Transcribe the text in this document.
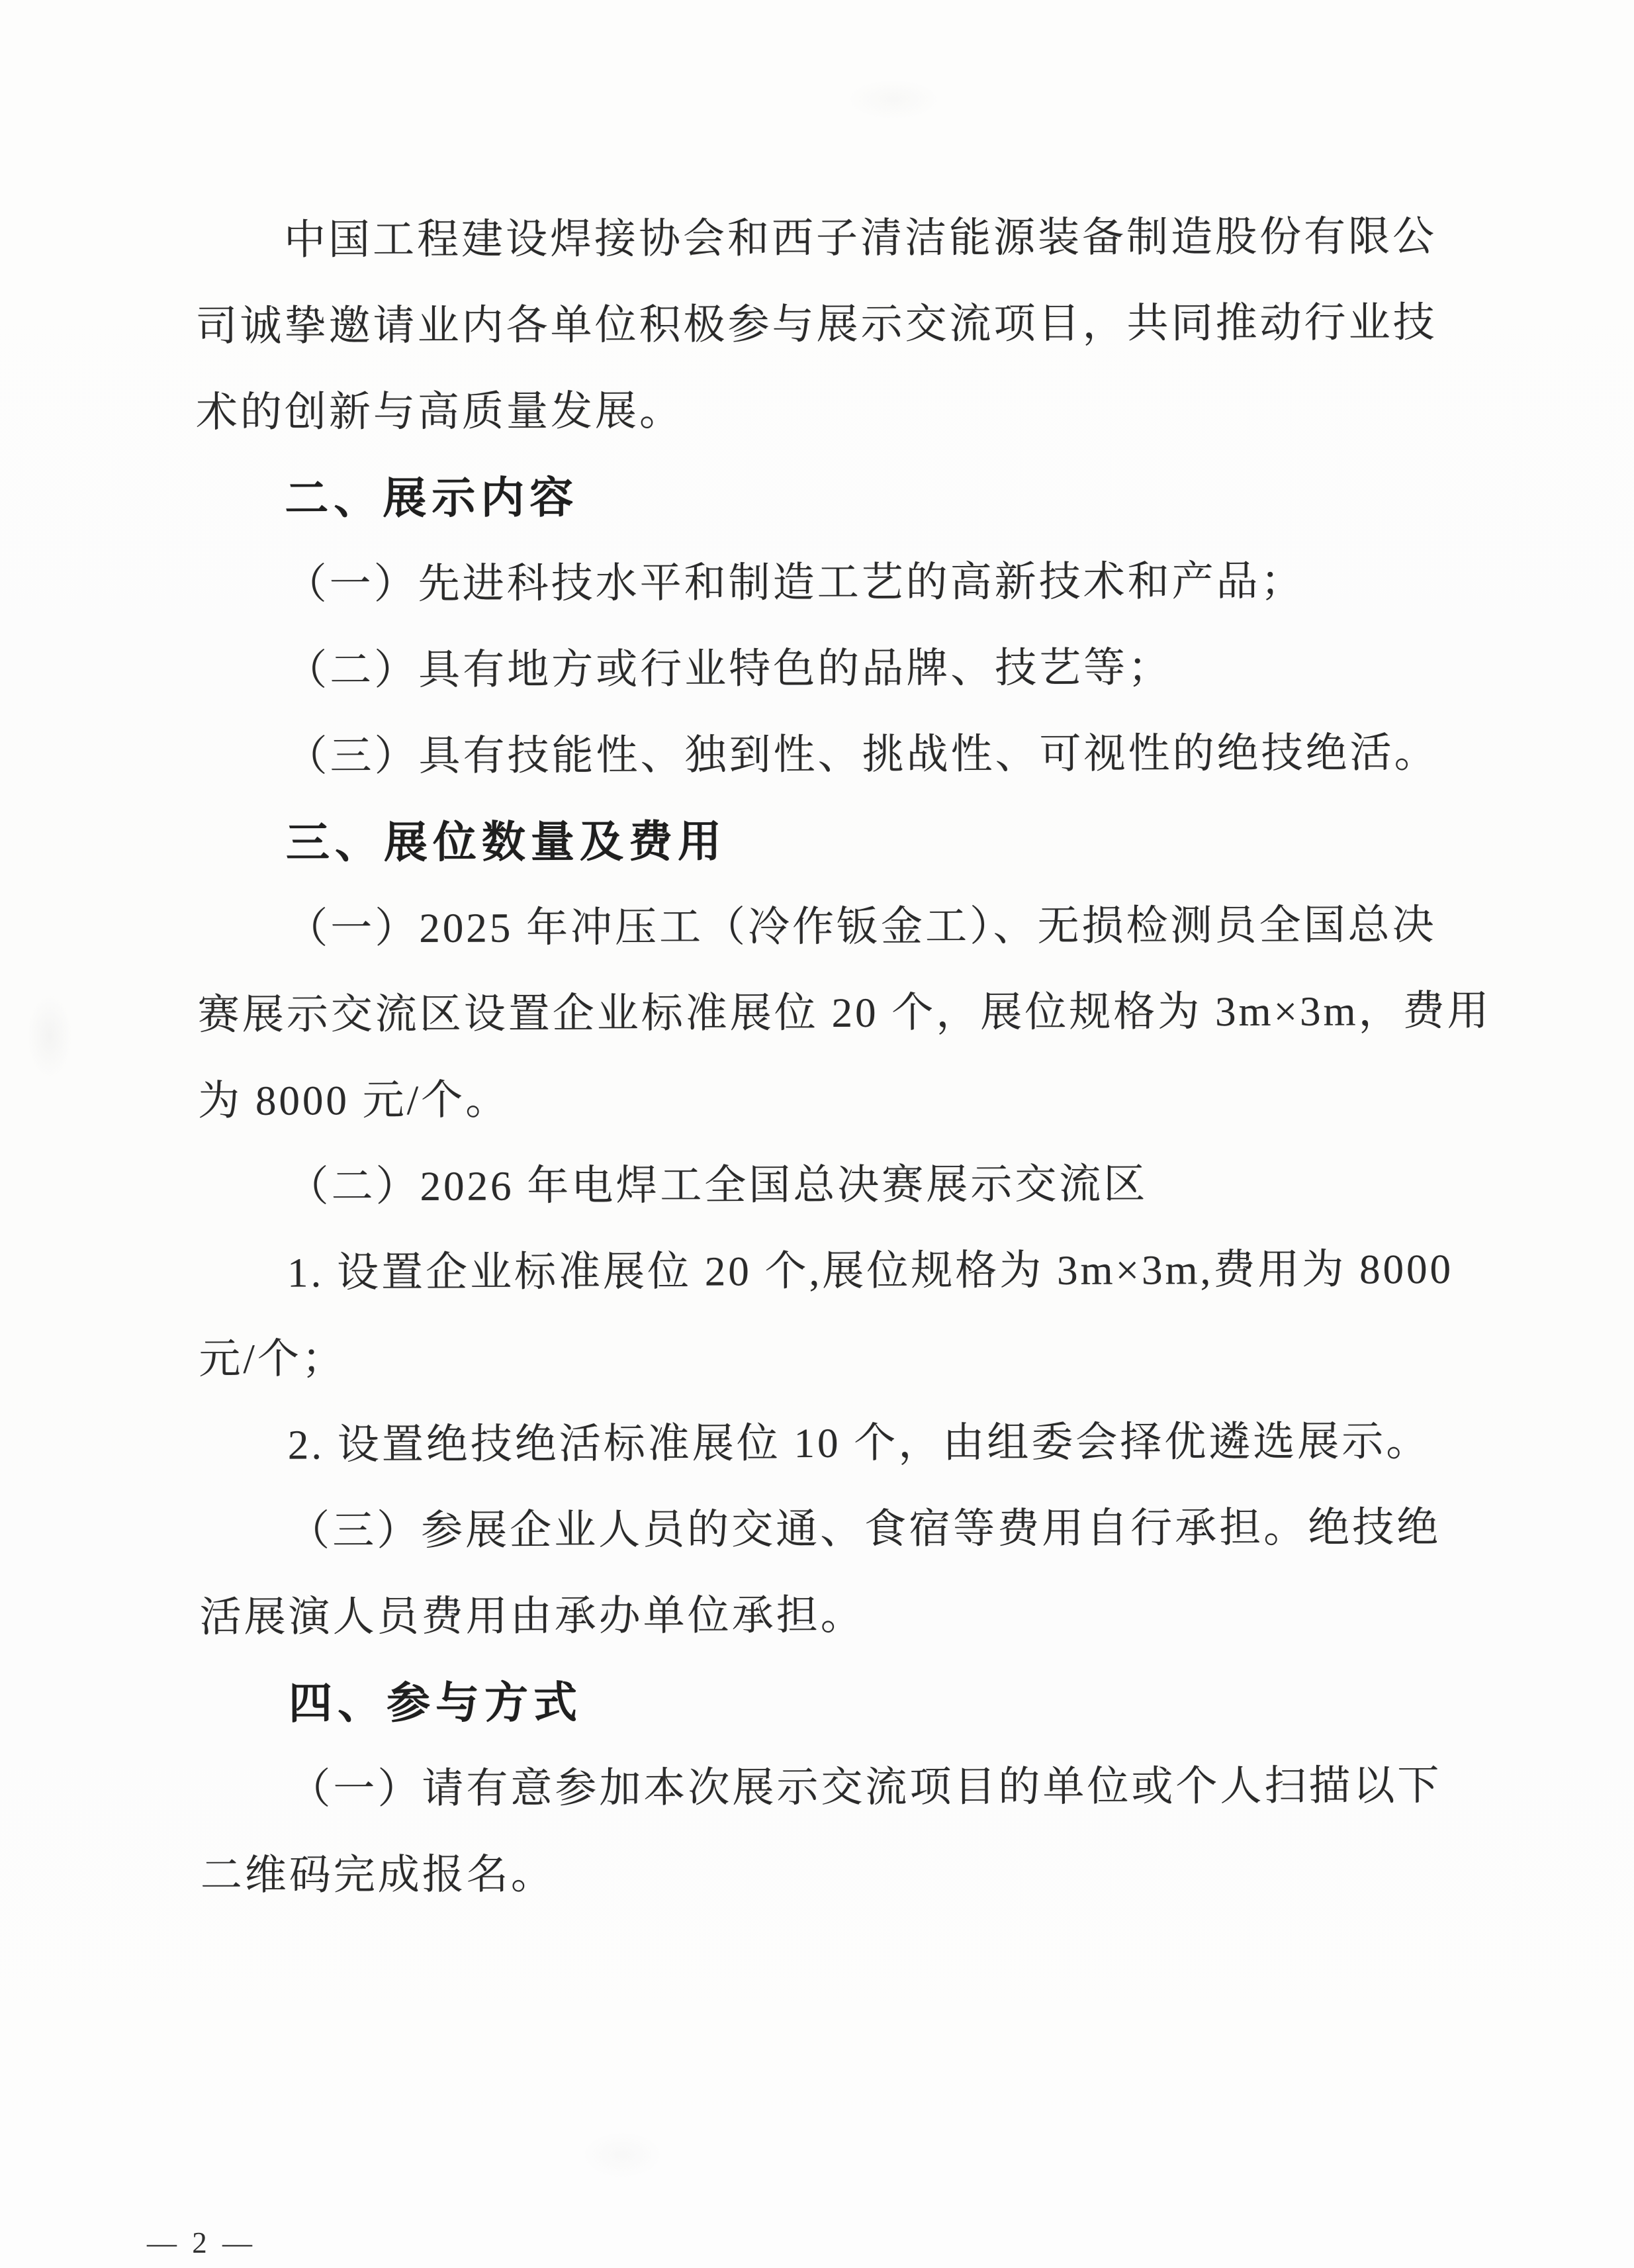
中国工程建设焊接协会和西子清洁能源装备制造股份有限公
司诚挚邀请业内各单位积极参与展示交流项目，共同推动行业技
术的创新与高质量发展。
二、展示内容
（一）先进科技水平和制造工艺的高新技术和产品；
（二）具有地方或行业特色的品牌、技艺等；
（三）具有技能性、独到性、挑战性、可视性的绝技绝活。
三、展位数量及费用
（一）2025 年冲压工（冷作钣金工）、无损检测员全国总决
赛展示交流区设置企业标准展位 20 个，展位规格为 3m×3m，费用
为 8000 元/个。
（二）2026 年电焊工全国总决赛展示交流区
1. 设置企业标准展位 20 个,展位规格为 3m×3m,费用为 8000
元/个；
2. 设置绝技绝活标准展位 10 个，由组委会择优遴选展示。
（三）参展企业人员的交通、食宿等费用自行承担。绝技绝
活展演人员费用由承办单位承担。
四、参与方式
（一）请有意参加本次展示交流项目的单位或个人扫描以下
二维码完成报名。
— 2 —
